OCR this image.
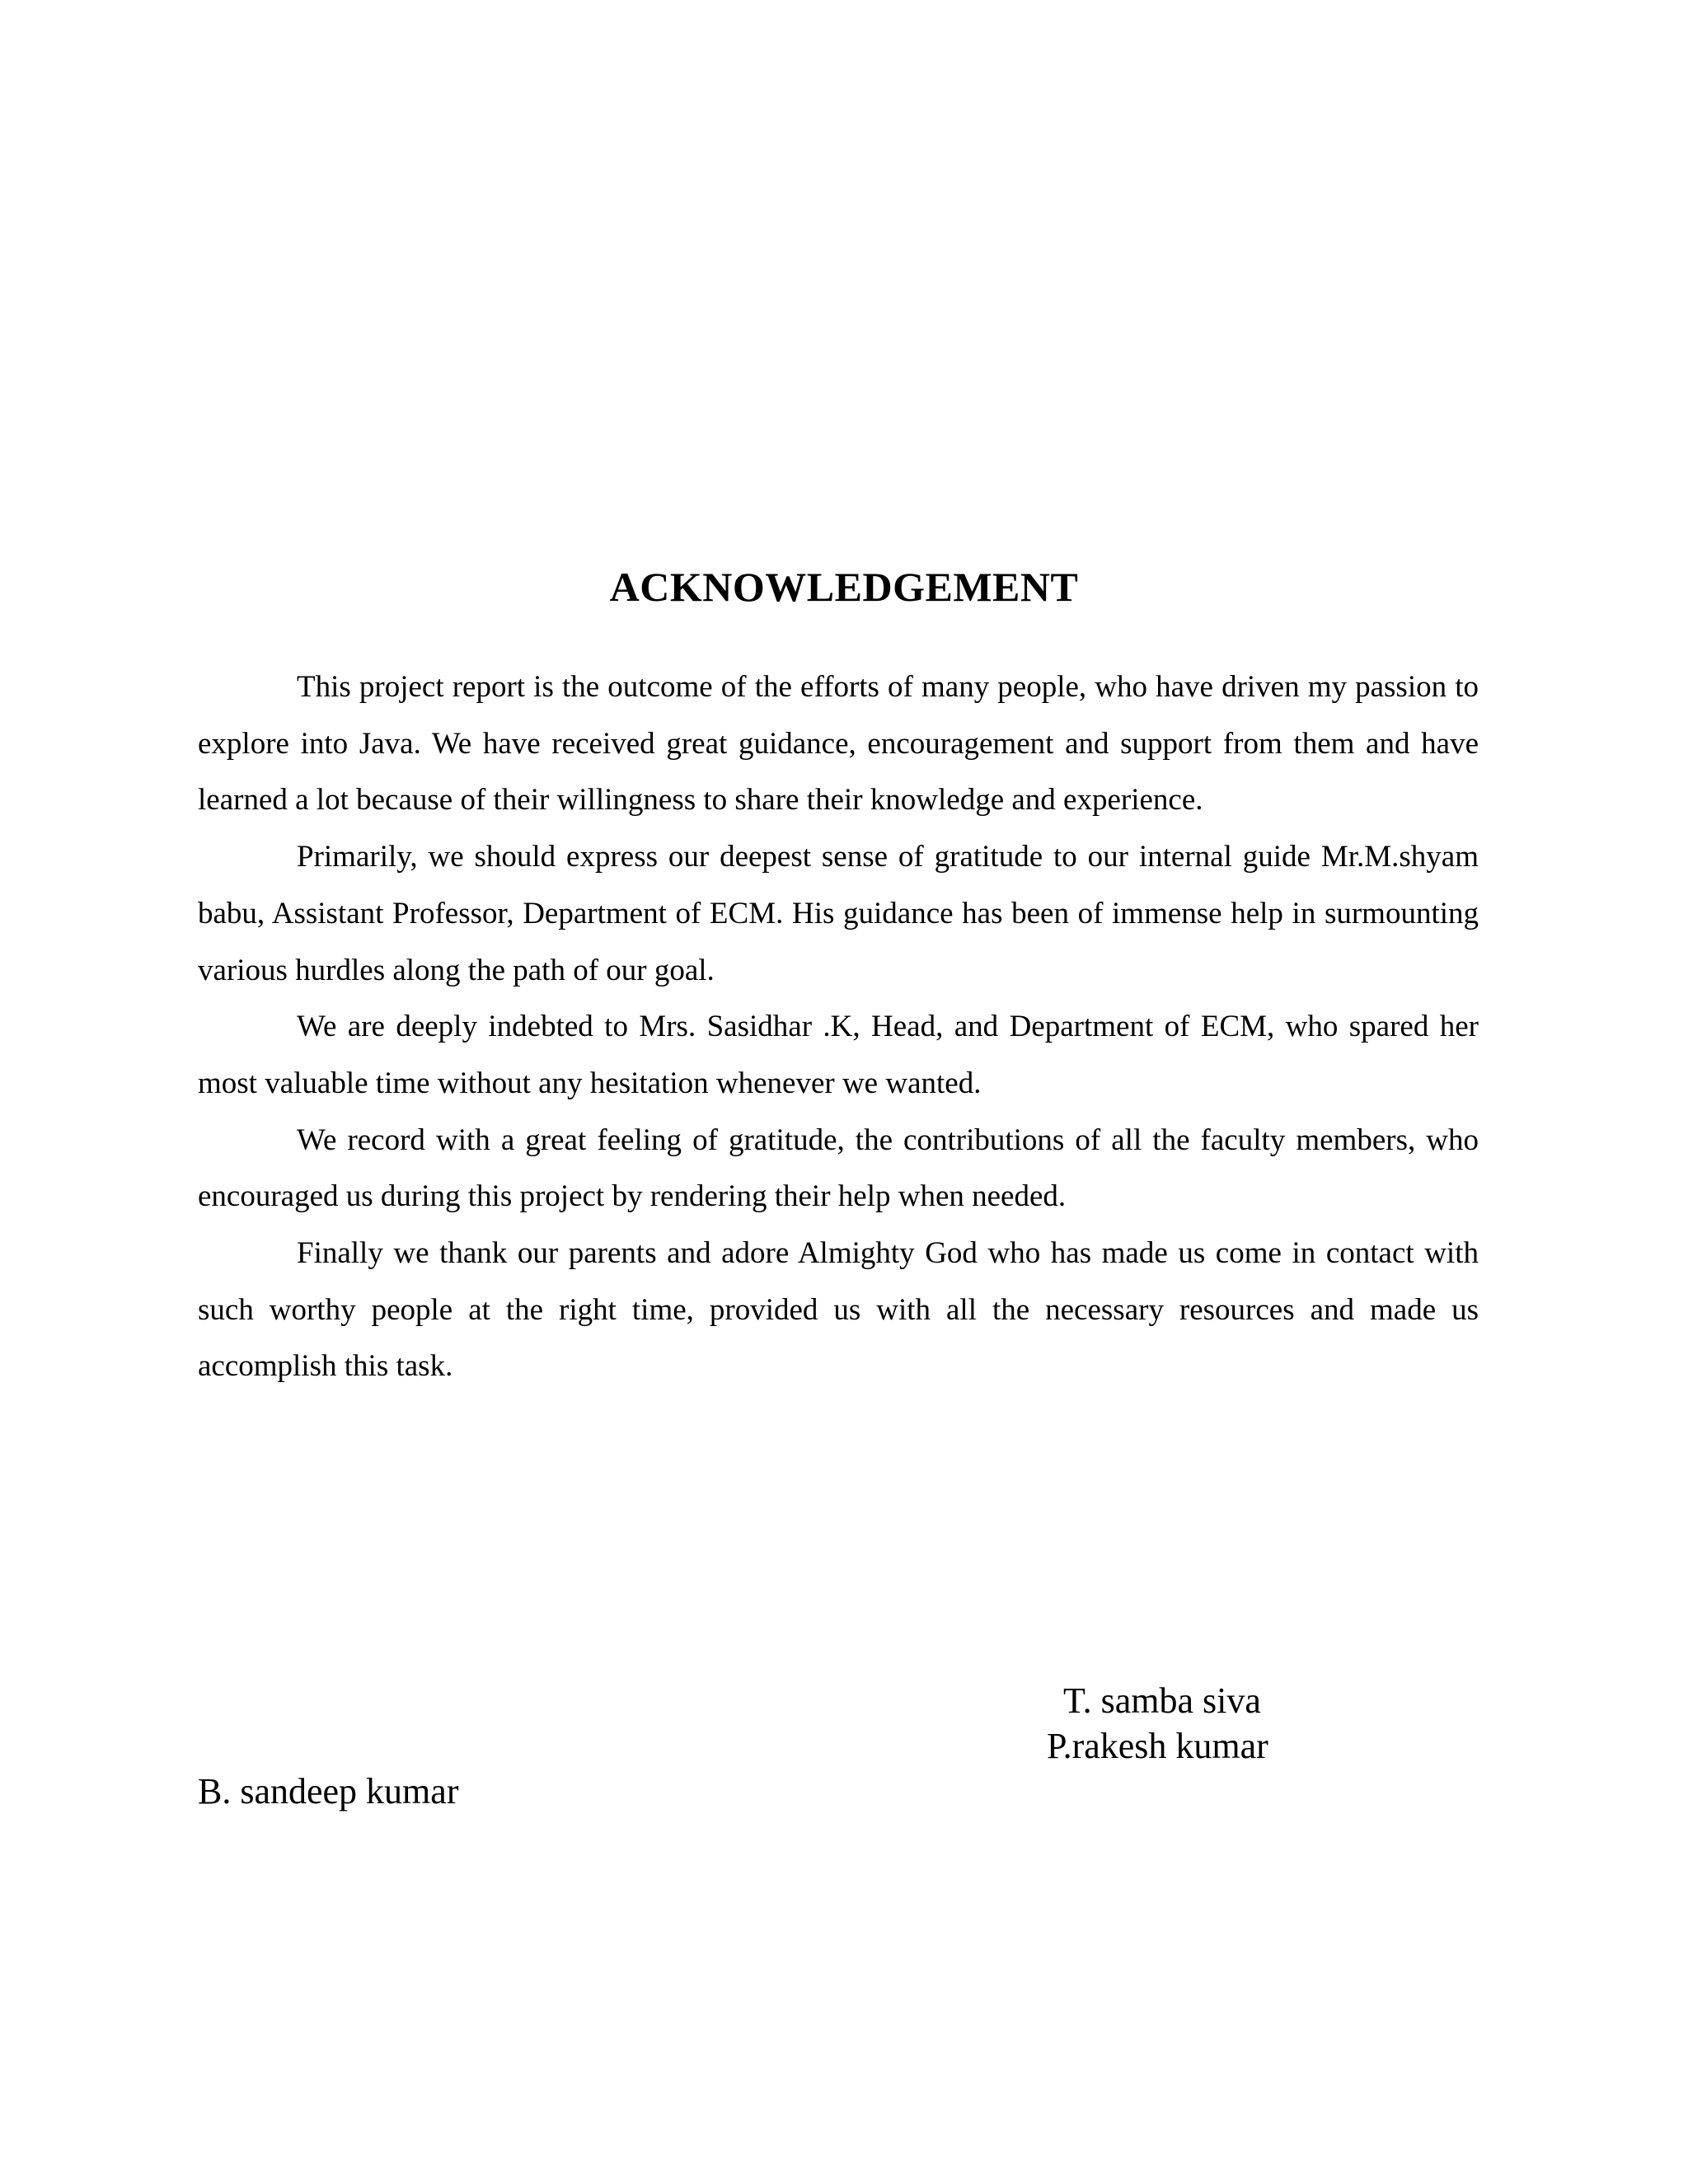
ACKNOWLEDGEMENT

This project report is the outcome of the efforts of many people, who have driven my passion to explore into Java. We have received great guidance, encouragement and support from them and have learned a lot because of their willingness to share their knowledge and experience.

Primarily, we should express our deepest sense of gratitude to our internal guide Mr.M.shyam babu, Assistant Professor, Department of ECM. His guidance has been of immense help in surmounting various hurdles along the path of our goal.

We are deeply indebted to Mrs. Sasidhar .K, Head, and Department of ECM, who spared her most valuable time without any hesitation whenever we wanted.

We record with a great feeling of gratitude, the contributions of all the faculty members, who encouraged us during this project by rendering their help when needed.

Finally we thank our parents and adore Almighty God who has made us come in contact with such worthy people at the right time, provided us with all the necessary resources and made us accomplish this task.

T. samba siva
P.rakesh kumar
B. sandeep kumar
